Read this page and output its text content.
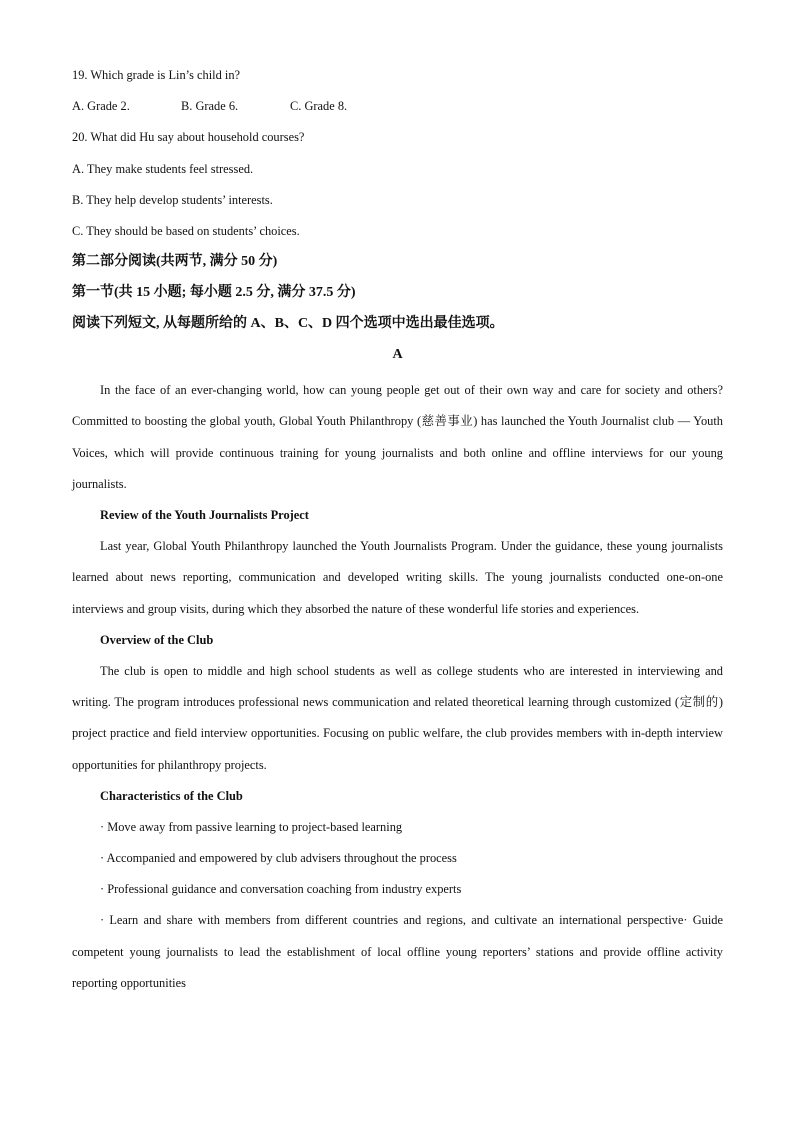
19. Which grade is Lin’s child in?
A. Grade 2.	B. Grade 6.	C. Grade 8.
20. What did Hu say about household courses?
A. They make students feel stressed.
B. They help develop students’ interests.
C. They should be based on students’ choices.
第二部分阅读(共两节, 满分 50 分)
第一节(共 15 小题; 每小题 2.5 分, 满分 37.5 分)
阅读下列短文, 从每题所给的 A、B、C、D 四个选项中选出最佳选项。
A

In the face of an ever-changing world, how can young people get out of their own way and care for society and others? Committed to boosting the global youth, Global Youth Philanthropy (慈善事业) has launched the Youth Journalist club — Youth Voices, which will provide continuous training for young journalists and both online and offline interviews for our young journalists.

Review of the Youth Journalists Project

Last year, Global Youth Philanthropy launched the Youth Journalists Program. Under the guidance, these young journalists learned about news reporting, communication and developed writing skills. The young journalists conducted one-on-one interviews and group visits, during which they absorbed the nature of these wonderful life stories and experiences.

Overview of the Club

The club is open to middle and high school students as well as college students who are interested in interviewing and writing. The program introduces professional news communication and related theoretical learning through customized (定制的) project practice and field interview opportunities. Focusing on public welfare, the club provides members with in-depth interview opportunities for philanthropy projects.

Characteristics of the Club
· Move away from passive learning to project-based learning
· Accompanied and empowered by club advisers throughout the process
· Professional guidance and conversation coaching from industry experts

· Learn and share with members from different countries and regions, and cultivate an international perspective· Guide competent young journalists to lead the establishment of local offline young reporters’ stations and provide offline activity reporting opportunities
